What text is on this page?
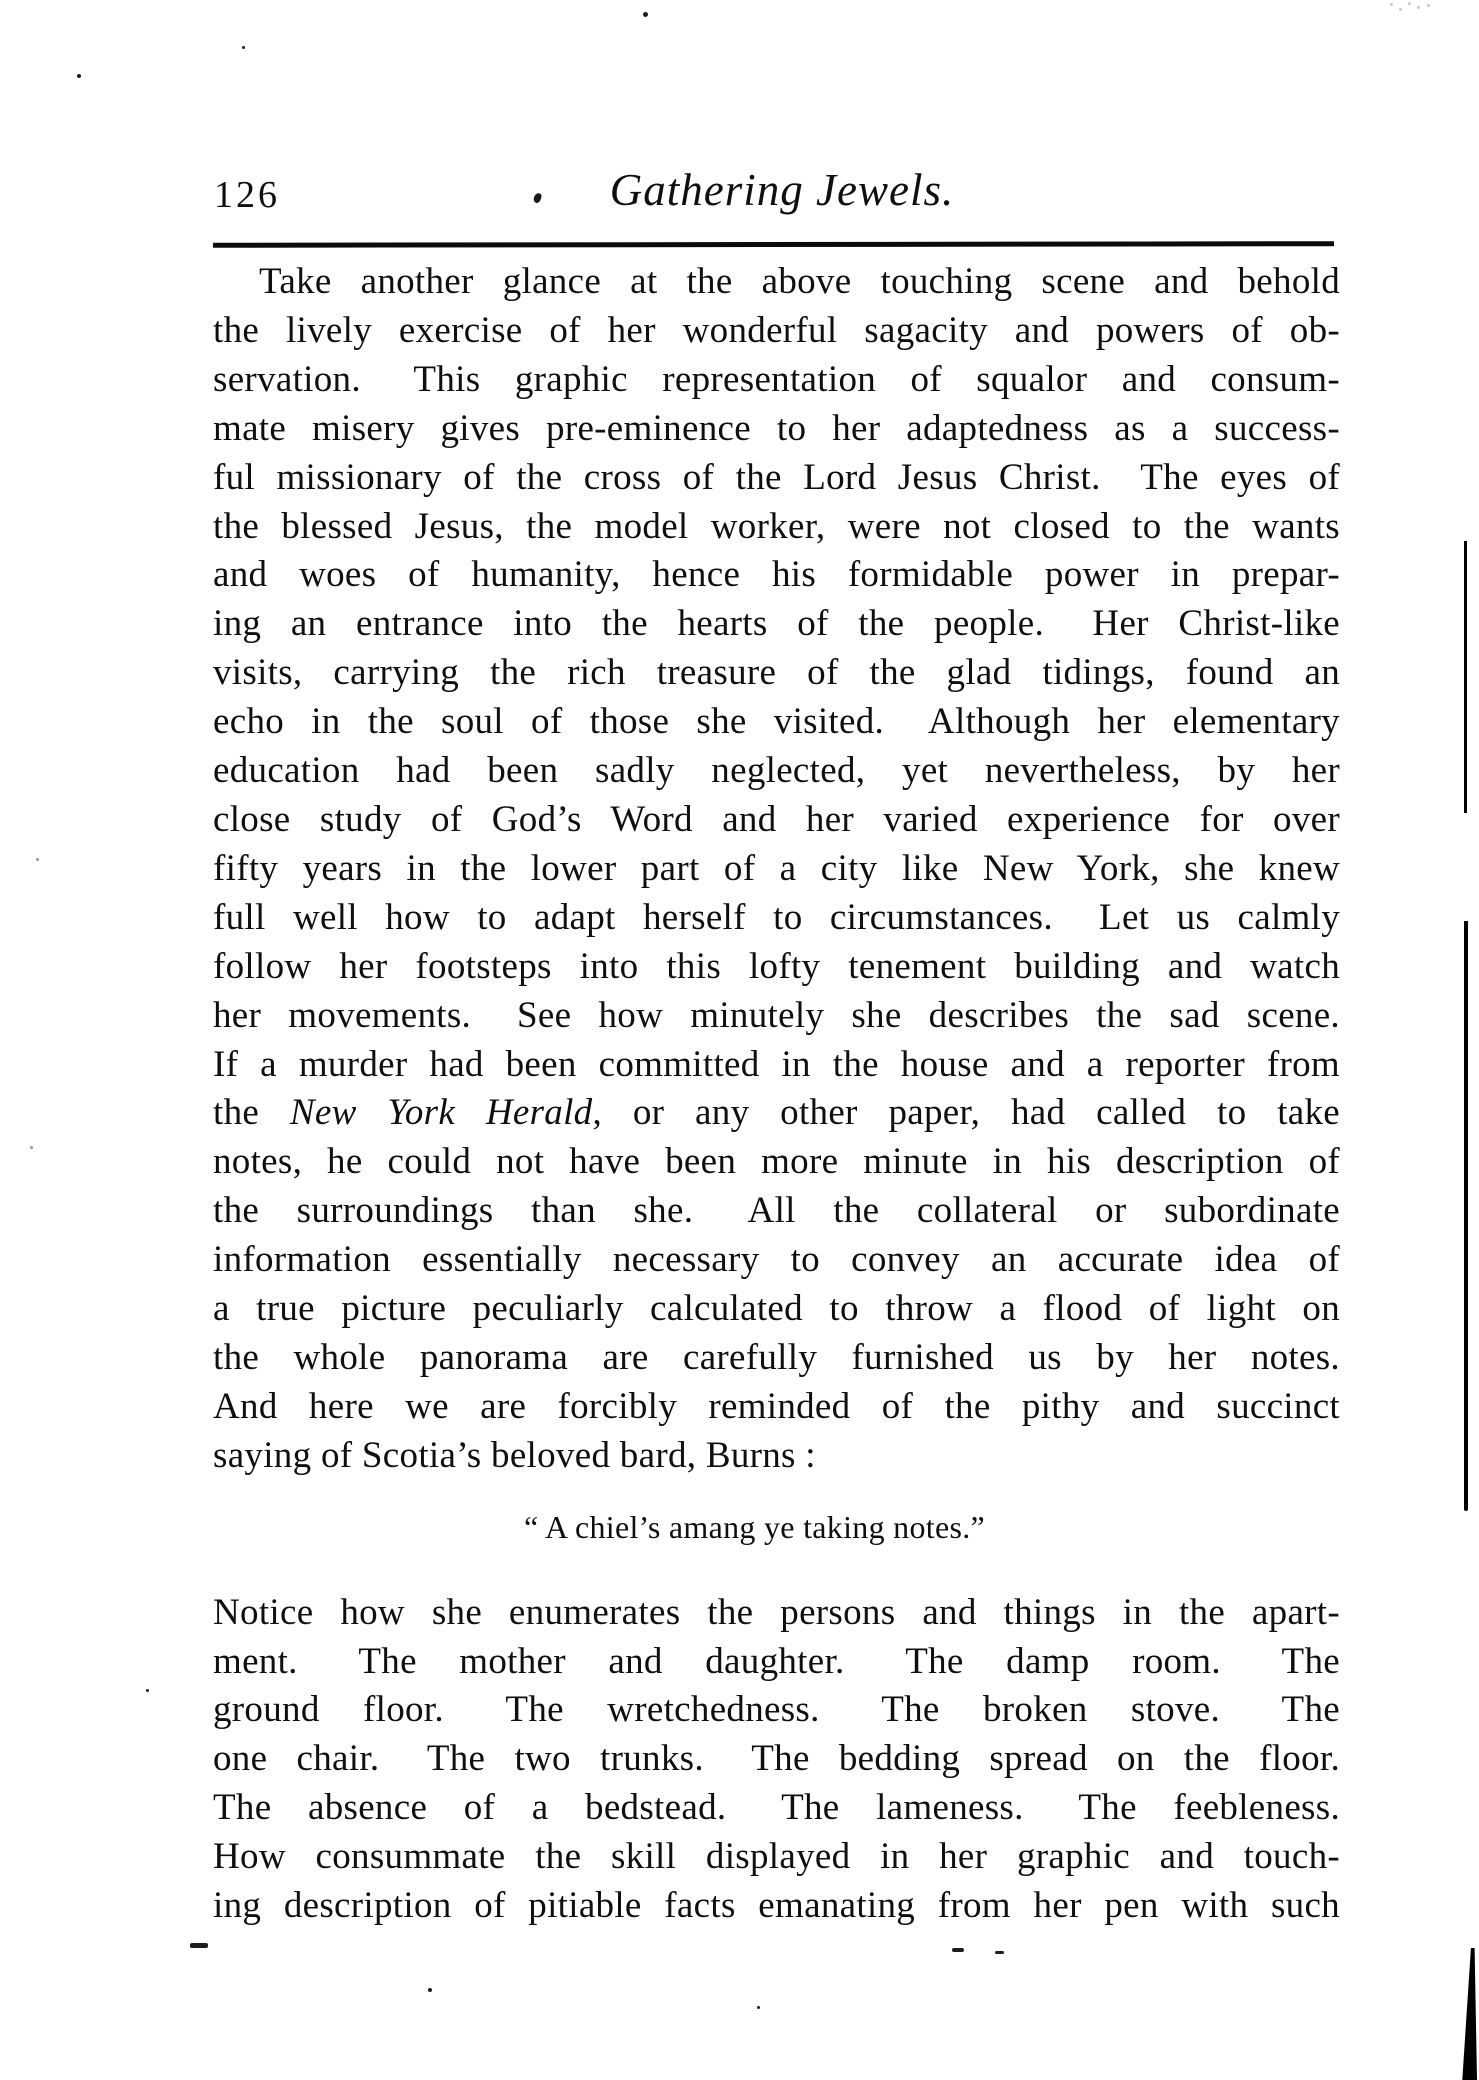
126	Gathering Jewels.
Take another glance at the above touching scene and behold
the lively exercise of her wonderful sagacity and powers of ob-
servation.  This graphic representation of squalor and consum-
mate misery gives pre-eminence to her adaptedness as a success-
ful missionary of the cross of the Lord Jesus Christ.  The eyes of
the blessed Jesus, the model worker, were not closed to the wants
and woes of humanity, hence his formidable power in prepar-
ing an entrance into the hearts of the people.  Her Christ-like
visits, carrying the rich treasure of the glad tidings, found an
echo in the soul of those she visited.  Although her elementary
education had been sadly neglected, yet nevertheless, by her
close study of God’s Word and her varied experience for over
fifty years in the lower part of a city like New York, she knew
full well how to adapt herself to circumstances.  Let us calmly
follow her footsteps into this lofty tenement building and watch
her movements.  See how minutely she describes the sad scene.
If a murder had been committed in the house and a reporter from
the New York Herald, or any other paper, had called to take
notes, he could not have been more minute in his description of
the surroundings than she.  All the collateral or subordinate
information essentially necessary to convey an accurate idea of
a true picture peculiarly calculated to throw a flood of light on
the whole panorama are carefully furnished us by her notes.
And here we are forcibly reminded of the pithy and succinct
saying of Scotia’s beloved bard, Burns :
“ A chiel’s amang ye taking notes.”
Notice how she enumerates the persons and things in the apart-
ment.  The mother and daughter.  The damp room.  The
ground floor.  The wretchedness.  The broken stove.  The
one chair.  The two trunks.  The bedding spread on the floor.
The absence of a bedstead.  The lameness.  The feebleness.
How consummate the skill displayed in her graphic and touch-
ing description of pitiable facts emanating from her pen with such
